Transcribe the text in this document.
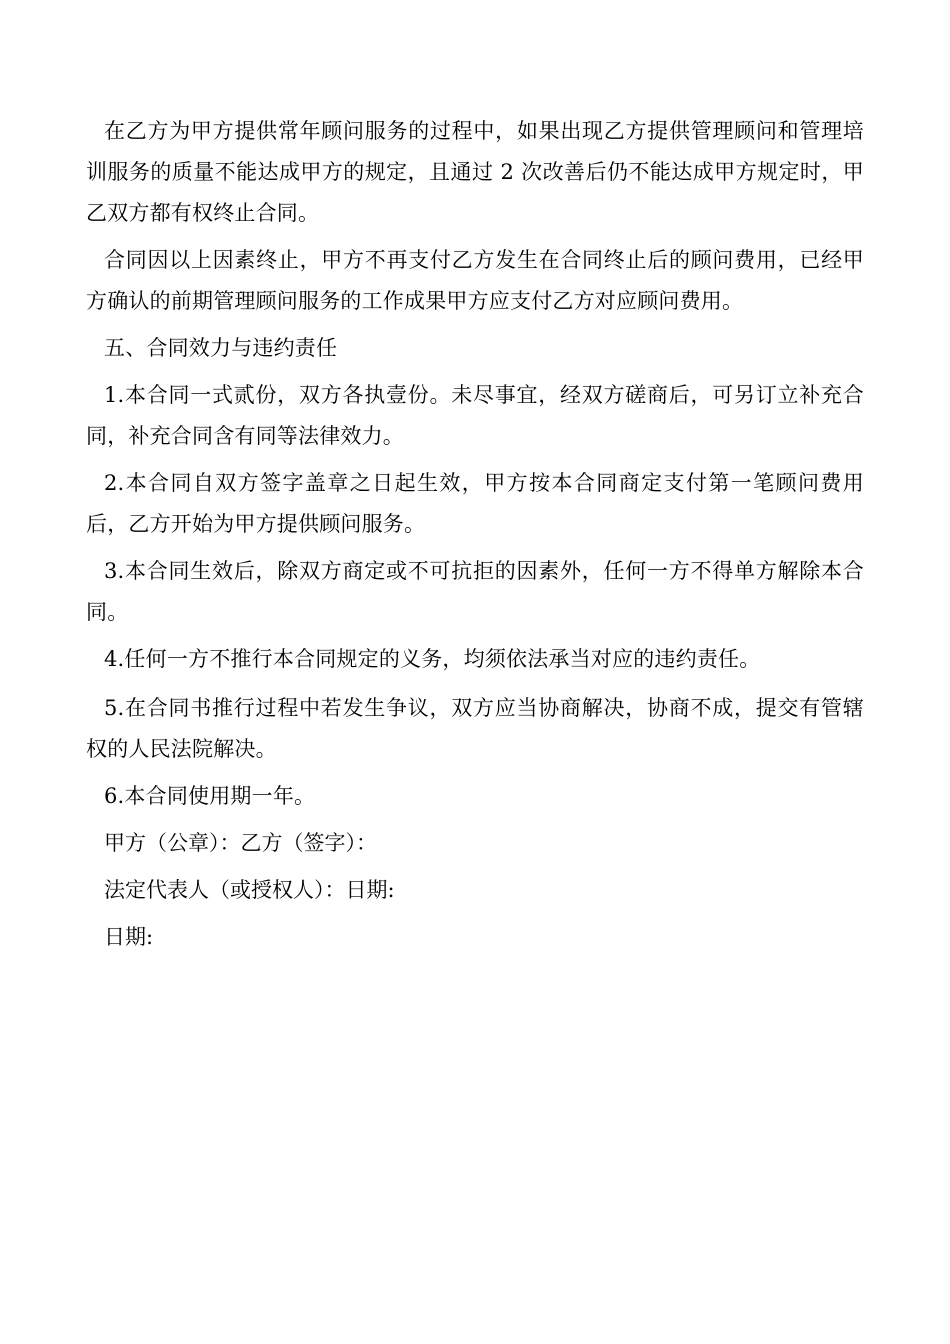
在乙方为甲方提供常年顾问服务的过程中，如果出现乙方提供管理顾问和管理培训服务的质量不能达成甲方的规定，且通过 2 次改善后仍不能达成甲方规定时，甲乙双方都有权终止合同。

合同因以上因素终止，甲方不再支付乙方发生在合同终止后的顾问费用，已经甲方确认的前期管理顾问服务的工作成果甲方应支付乙方对应顾问费用。

五、合同效力与违约责任

1.本合同一式贰份，双方各执壹份。未尽事宜，经双方磋商后，可另订立补充合同，补充合同含有同等法律效力。

2.本合同自双方签字盖章之日起生效，甲方按本合同商定支付第一笔顾问费用后，乙方开始为甲方提供顾问服务。

3.本合同生效后，除双方商定或不可抗拒的因素外，任何一方不得单方解除本合同。

4.任何一方不推行本合同规定的义务，均须依法承当对应的违约责任。

5.在合同书推行过程中若发生争议，双方应当协商解决，协商不成，提交有管辖权的人民法院解决。

6.本合同使用期一年。

甲方（公章）：乙方（签字）：

法定代表人（或授权人）：日期:

日期:
